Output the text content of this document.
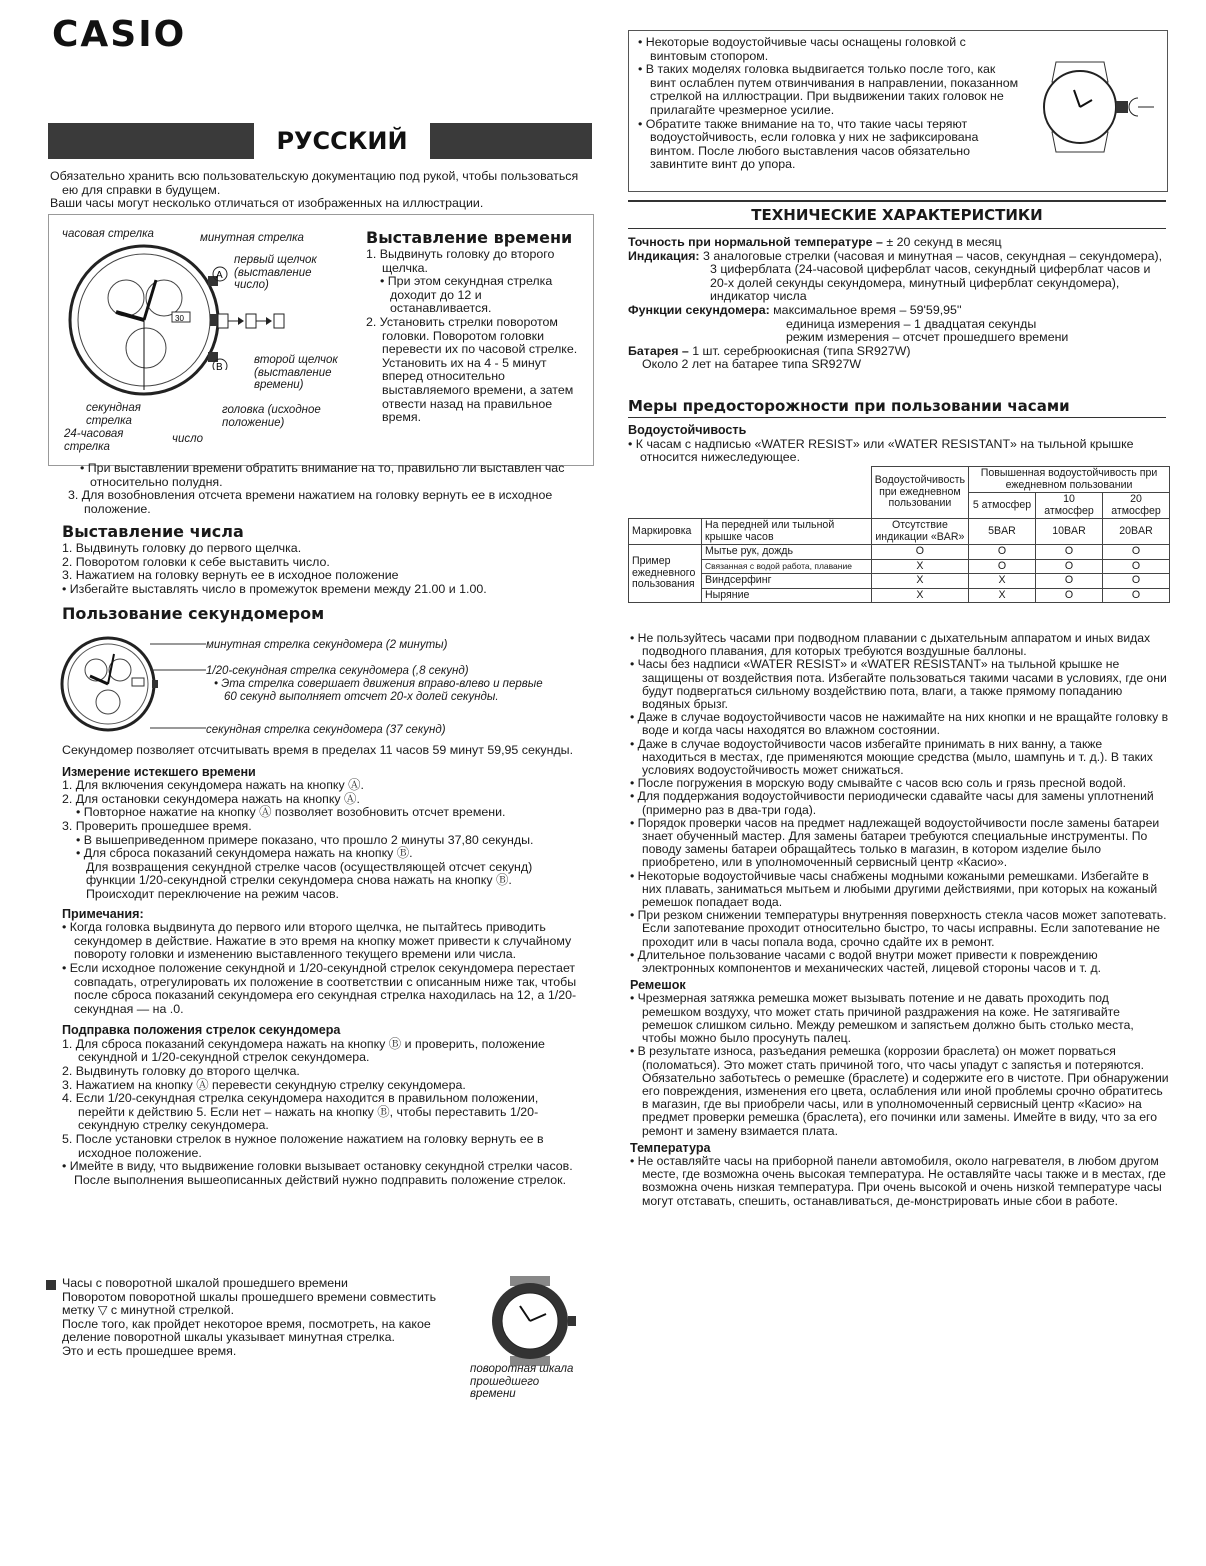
CASIO
РУССКИЙ

Обязательно хранить всю пользовательскую документацию под рукой, чтобы пользоваться ею для справки в будущем.

Ваши часы могут несколько отличаться от изображенных на иллюстрации.

30
A
B
часовая стрелка	минутная стрелка
первый щелчок (выставление число)
второй щелчок (выставление времени)
секундная стрелка
24-часовая стрелка
головка (исходное положение)
число

Выставление времени

1. Выдвинуть головку до второго щелчка.

• При этом секундная стрелка доходит до 12 и останавливается.

2. Установить стрелки поворотом головки. Поворотом головки перевести их по часовой стрелке. Установить их на 4 - 5 минут вперед относительно выставляемого времени, а затем отвести назад на правильное время.

• При выставлении времени обратить внимание на то, правильно ли выставлен час относительно полудня.

3. Для возобновления отсчета времени нажатием на головку вернуть ее в исходное положение.

Выставление числа

1. Выдвинуть головку до первого щелчка.

2. Поворотом головки к себе выставить число.

3. Нажатием на головку вернуть ее в исходное положение

• Избегайте выставлять число в промежуток времени между 21.00 и 1.00.

Пользование секундомером

минутная стрелка секундомера (2 минуты)
1/20-секундная стрелка секундомера (,8 секунд)
• Эта стрелка совершает движения вправо-влево и первые 60 секунд выполняет отсчет 20-х долей секунды.
секундная стрелка секундомера (37 секунд)

Секундомер позволяет отсчитывать время в пределах 11 часов 59 минут 59,95 секунды.

Измерение истекшего времени

1. Для включения секундомера нажать на кнопку Ⓐ.

2. Для остановки секундомера нажать на кнопку Ⓐ.

• Повторное нажатие на кнопку Ⓐ позволяет возобновить отсчет времени.

3. Проверить прошедшее время.

• В вышеприведенном примере показано, что прошло 2 минуты 37,80 секунды.

• Для сброса показаний секундомера нажать на кнопку Ⓑ.

Для возвращения секундной стрелке часов (осуществляющей отсчет секунд) функции 1/20-секундной стрелки секундомера снова нажать на кнопку Ⓑ. Происходит переключение на режим часов.

Примечания:

• Когда головка выдвинута до первого или второго щелчка, не пытайтесь приводить секундомер в действие. Нажатие в это время на кнопку может привести к случайному повороту головки и изменению выставленного текущего времени или числа.

• Если исходное положение секундной и 1/20-секундной стрелок секундомера перестает совпадать, отрегулировать их положение в соответствии с описанным ниже так, чтобы после сброса показаний секундомера его секундная стрелка находилась на 12, а 1/20-секундная — на .0.

Подправка положения стрелок секундомера

1. Для сброса показаний секундомера нажать на кнопку Ⓑ и проверить, положение секундной и 1/20-секундной стрелок секундомера.

2. Выдвинуть головку до второго щелчка.

3. Нажатием на кнопку Ⓐ перевести секундную стрелку секундомера.

4. Если 1/20-секундная стрелка секундомера находится в правильном положении, перейти к действию 5. Если нет – нажать на кнопку Ⓑ, чтобы переставить 1/20-секундную стрелку секундомера.

5. После установки стрелок в нужное положение нажатием на головку вернуть ее в исходное положение.

• Имейте в виду, что выдвижение головки вызывает остановку секундной стрелки часов. После выполнения вышеописанных действий нужно подправить положение стрелок.

Часы с поворотной шкалой прошедшего времени

Поворотом поворотной шкалы прошедшего времени совместить метку ▽ с минутной стрелкой.

После того, как пройдет некоторое время, посмотреть, на какое деление поворотной шкалы указывает минутная стрелка.

Это и есть прошедшее время.

поворотная шкала прошедшего времени

• Некоторые водоустойчивые часы оснащены головкой с винтовым стопором.

• В таких моделях головка выдвигается только после того, как винт ослаблен путем отвинчивания в направлении, показанном стрелкой на иллюстрации. При выдвижении таких головок не прилагайте чрезмерное усилие.

• Обратите также внимание на то, что такие часы теряют водоустойчивость, если головка у них не зафиксирована винтом. После любого выставления часов обязательно завинтите винт до упора.

ТЕХНИЧЕСКИЕ ХАРАКТЕРИСТИКИ

Точность при нормальной температуре – ± 20 секунд в месяц

Индикация: 3 аналоговые стрелки (часовая и минутная – часов, секундная – секундомера), 3 циферблата (24-часовой циферблат часов, секундный циферблат часов и 20-х долей секунды секундомера, минутный циферблат секундомера), индикатор числа

Функции секундомера: максимальное время – 59'59,95''

единица измерения – 1 двадцатая секунды

режим измерения – отсчет прошедшего времени

Батарея – 1 шт. серебрюокисная (типа SR927W)

Около 2 лет на батарее типа SR927W

Меры предосторожности при пользовании часами

Водоустойчивость

• К часам с надписью «WATER RESIST» или «WATER RESISTANT» на тыльной крышке относится нижеследующее.

		Водоустойчивость при ежедневном пользовании	Повышенная водоустойчивость при ежедневном пользовании		
			5 атмосфер	10 атмосфер	20 атмосфер
Маркировка	На передней или тыльной крышке часов	Отсутствие индикации «BAR»	5BAR	10BAR	20BAR
Пример ежедневного пользования	Мытье рук, дождь	O	O	O	O
	Связанная с водой работа, плавание	X	O	O	O
	Виндсерфинг	X	X	O	O
	Ныряние	X	X	O	O

• Не пользуйтесь часами при подводном плавании с дыхательным аппаратом и иных видах подводного плавания, для которых требуются воздушные баллоны.

• Часы без надписи «WATER RESIST» и «WATER RESISTANT» на тыльной крышке не защищены от воздействия пота. Избегайте пользоваться такими часами в условиях, где они будут подвергаться сильному воздействию пота, влаги, а также прямому попаданию водяных брызг.

• Даже в случае водоустойчивости часов не нажимайте на них кнопки и не вращайте головку в воде и когда часы находятся во влажном состоянии.

• Даже в случае водоустойчивости часов избегайте принимать в них ванну, а также находиться в местах, где применяются моющие средства (мыло, шампунь и т. д.). В таких условиях водоустойчивость может снижаться.

• После погружения в морскую воду смывайте с часов всю соль и грязь пресной водой.

• Для поддержания водоустойчивости периодически сдавайте часы для замены уплотнений (примерно раз в два-три года).

• Порядок проверки часов на предмет надлежащей водоустойчивости после замены батареи знает обученный мастер. Для замены батареи требуются специальные инструменты. По поводу замены батареи обращайтесь только в магазин, в котором изделие было приобретено, или в уполномоченный сервисный центр «Касио».

• Некоторые водоустойчивые часы снабжены модными кожаными ремешками. Избегайте в них плавать, заниматься мытьем и любыми другими действиями, при которых на кожаный ремешок попадает вода.

• При резком снижении температуры внутренняя поверхность стекла часов может запотевать. Если запотевание проходит относительно быстро, то часы исправны. Если запотевание не проходит или в часы попала вода, срочно сдайте их в ремонт.

• Длительное пользование часами с водой внутри может привести к повреждению электронных компонентов и механических частей, лицевой стороны часов и т. д.

Ремешок

• Чрезмерная затяжка ремешка может вызывать потение и не давать проходить под ремешком воздуху, что может стать причиной раздражения на коже. Не затягивайте ремешок слишком сильно. Между ремешком и запястьем должно быть столько места, чтобы можно было просунуть палец.

• В результате износа, разъедания ремешка (коррозии браслета) он может порваться (поломаться). Это может стать причиной того, что часы упадут с запястья и потеряются. Обязательно заботьтесь о ремешке (браслете) и содержите его в чистоте. При обнаружении его повреждения, изменения его цвета, ослабления или иной проблемы срочно обратитесь в магазин, где вы приобрели часы, или в уполномоченный сервисный центр «Касио» на предмет проверки ремешка (браслета), его починки или замены. Имейте в виду, что за его ремонт и замену взимается плата.

Температура

• Не оставляйте часы на приборной панели автомобиля, около нагревателя, в любом другом месте, где возможна очень высокая температура. Не оставляйте часы также и в местах, где возможна очень низкая температура. При очень высокой и очень низкой температуре часы могут отставать, спешить, останавливаться, де-монстрировать иные сбои в работе.
